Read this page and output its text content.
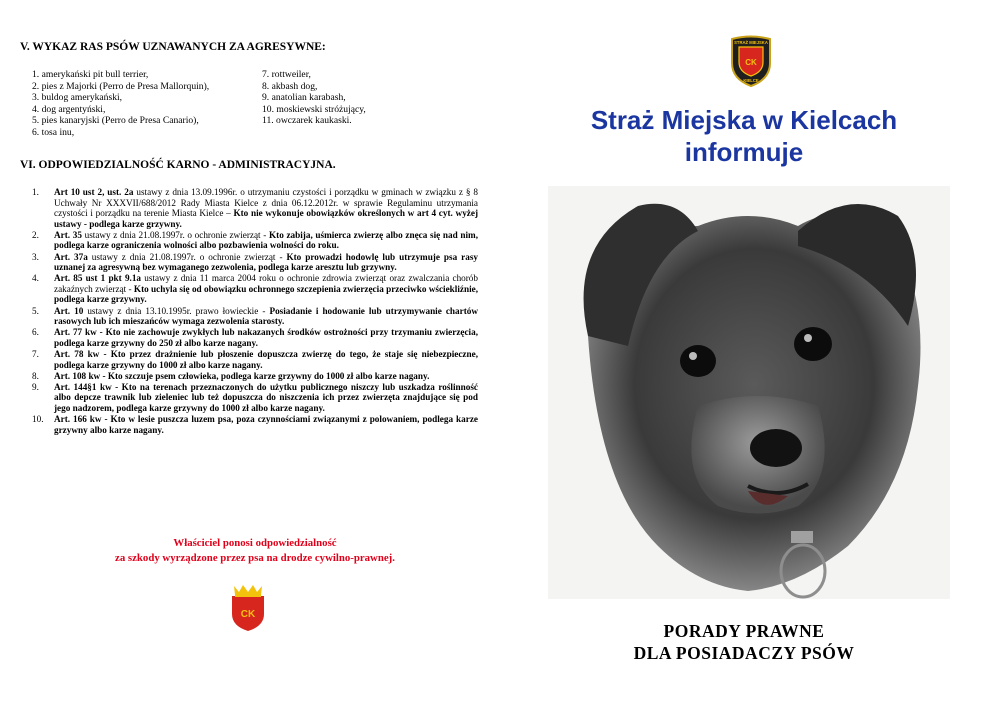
V. WYKAZ RAS PSÓW UZNAWANYCH ZA AGRESYWNE:
1. amerykański pit bull terrier,
2. pies z Majorki (Perro de Presa Mallorquin),
3. buldog amerykański,
4. dog argentyński,
5. pies kanaryjski (Perro de Presa Canario),
6. tosa inu,
7. rottweiler,
8. akbash dog,
9. anatolian karabash,
10. moskiewski stróżujący,
11. owczarek kaukaski.
VI. ODPOWIEDZIALNOŚĆ KARNO - ADMINISTRACYJNA.
1.	Art 10 ust 2, ust. 2a ustawy z dnia 13.09.1996r. o utrzymaniu czystości i porządku w gminach w związku z § 8 Uchwały Nr XXXVII/688/2012 Rady Miasta Kielce z dnia 06.12.2012r. w sprawie Regulaminu utrzymania czystości i porządku na terenie Miasta Kielce – Kto nie wykonuje obowiązków określonych w art 4 cyt. wyżej ustawy - podlega karze grzywny.
2.	Art. 35 ustawy z dnia 21.08.1997r. o ochronie zwierząt - Kto zabija, uśmierca zwierzę albo znęca się nad nim, podlega karze ograniczenia wolności albo pozbawienia wolności do roku.
3.	Art. 37a ustawy z dnia 21.08.1997r. o ochronie zwierząt - Kto prowadzi hodowlę lub utrzymuje psa rasy uznanej za agresywną bez wymaganego zezwolenia, podlega karze aresztu lub grzywny.
4.	Art. 85 ust 1 pkt 9.1a ustawy z dnia 11 marca 2004 roku o ochronie zdrowia zwierząt oraz zwalczania chorób zakaźnych zwierząt - Kto uchyla się od obowiązku ochronnego szczepienia zwierzęcia przeciwko wściekliźnie, podlega karze grzywny.
5.	Art. 10 ustawy z dnia 13.10.1995r. prawo łowieckie - Posiadanie i hodowanie lub utrzymywanie chartów rasowych lub ich mieszańców wymaga zezwolenia starosty.
6.	Art. 77 kw - Kto nie zachowuje zwykłych lub nakazanych środków ostrożności przy trzymaniu zwierzęcia, podlega karze grzywny do 250 zł albo karze nagany.
7.	Art. 78 kw - Kto przez drażnienie lub płoszenie dopuszcza zwierzę do tego, że staje się niebezpieczne, podlega karze grzywny do 1000 zł albo karze nagany.
8.	Art. 108 kw - Kto szczuje psem człowieka, podlega karze grzywny do 1000 zł albo karze nagany.
9.	Art. 144§1 kw - Kto na terenach przeznaczonych do użytku publicznego niszczy lub uszkadza roślinność albo depcze trawnik lub zieleniec lub też dopuszcza do niszczenia ich przez zwierzęta znajdujące się pod jego nadzorem, podlega karze grzywny do 1000 zł albo karze nagany.
10.	Art. 166 kw - Kto w lesie puszcza luzem psa, poza czynnościami związanymi z polowaniem, podlega karze grzywny albo karze nagany.
Właściciel ponosi odpowiedzialność
za szkody wyrządzone przez psa na drodze cywilno-prawnej.
CK
CK
STRAŻ MIEJSKA
KIELCE
Straż Miejska w Kielcach
informuje
PORADY PRAWNE
DLA POSIADACZY PSÓW
